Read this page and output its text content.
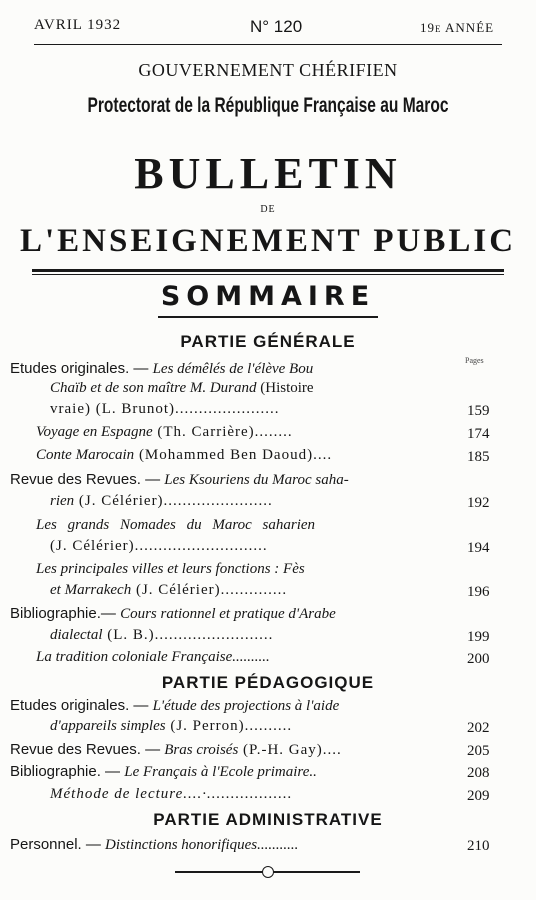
AVRIL 1932	N° 120	19e ANNÉE
GOUVERNEMENT CHÉRIFIEN
Protectorat de la République Française au Maroc
BULLETIN
DE
L'ENSEIGNEMENT PUBLIC
SOMMAIRE
PARTIE GÉNÉRALE
Pages
Etudes originales. — Les démêlés de l'élève Bou
Chaïb et de son maître M. Durand (Histoire
vraie) (L. Brunot)......................	159
Voyage en Espagne (Th. Carrière)........	174
Conte Marocain (Mohammed Ben Daoud)....	185
Revue des Revues. — Les Ksouriens du Maroc saha-
rien (J. Célérier).......................	192
Les grands Nomades du Maroc saharien
(J. Célérier)............................	194
Les principales villes et leurs fonctions : Fès
et Marrakech (J. Célérier)..............	196
Bibliographie.— Cours rationnel et pratique d'Arabe
dialectal (L. B.).........................	199
La tradition coloniale Française..........	200
PARTIE PÉDAGOGIQUE
Etudes originales. — L'étude des projections à l'aide
d'appareils simples (J. Perron)..........	202
Revue des Revues. — Bras croisés (P.-H. Gay)....	205
Bibliographie. — Le Français à l'Ecole primaire..	208
Méthode de lecture....·..................	209
PARTIE ADMINISTRATIVE
Personnel. — Distinctions honorifiques...........	210
